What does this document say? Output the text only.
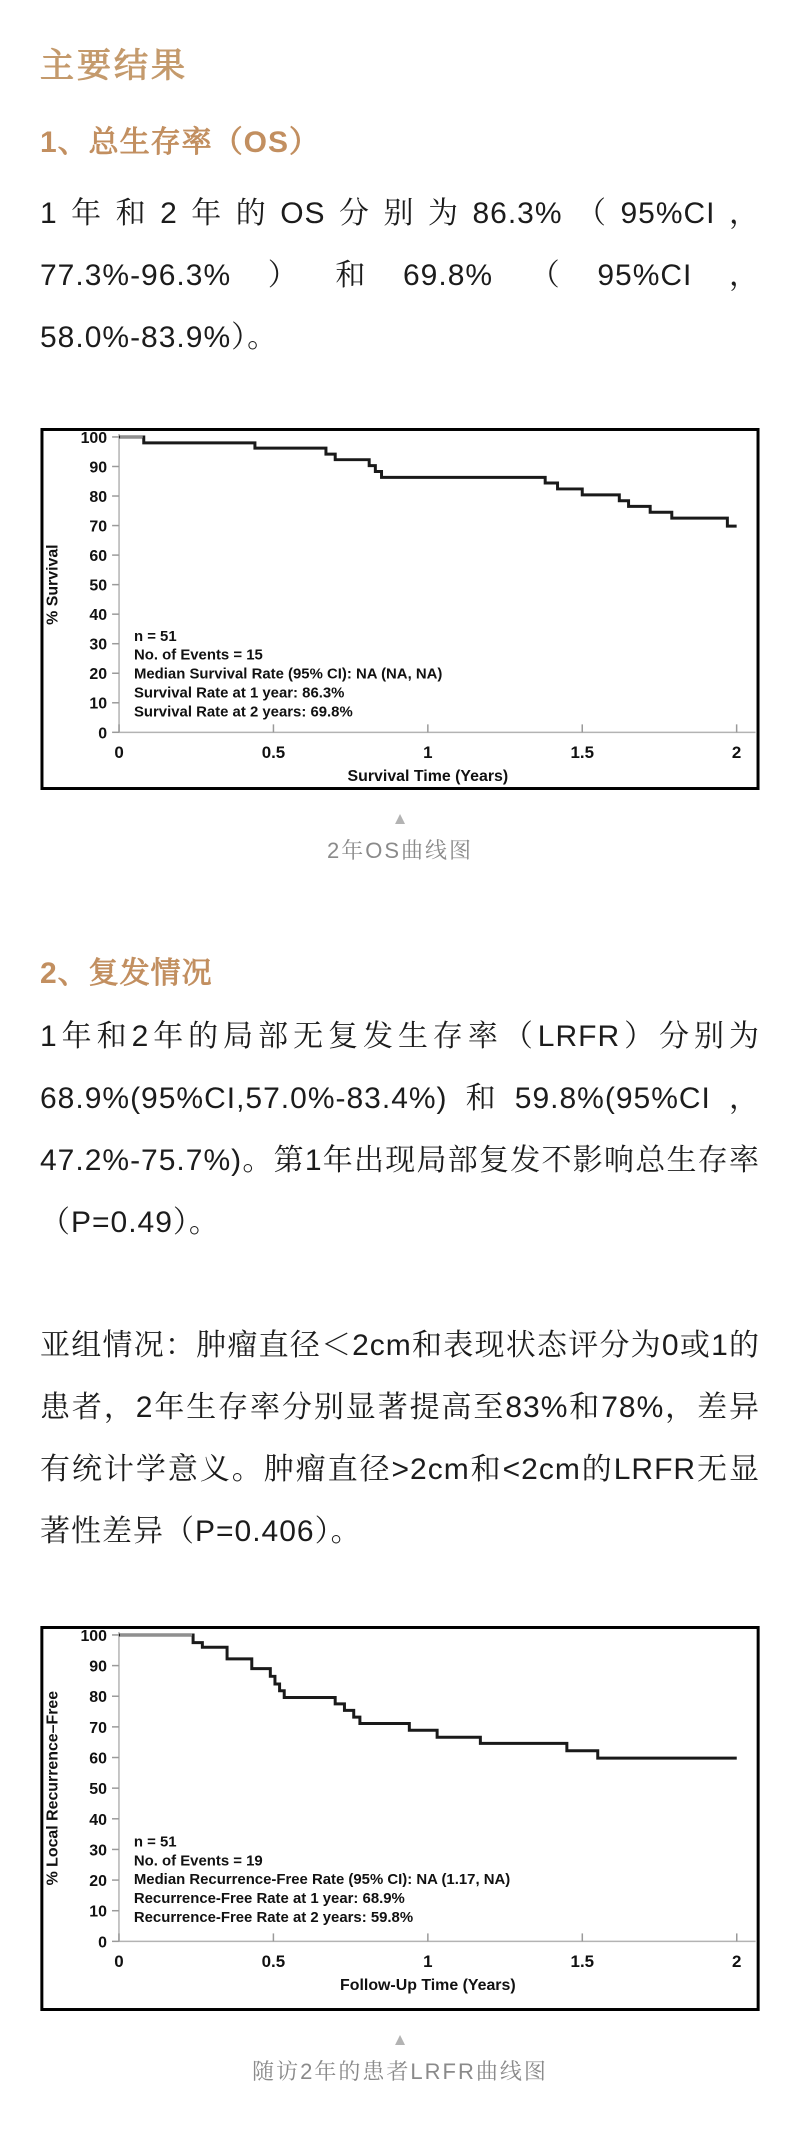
主要结果
1、总生存率（OS）

1年和2年的OS分别为86.3%（95%CI，77.3%-96.3%）和69.8%（95%CI，58.0%-83.9%）。

0
10
20
30
40
50
60
70
80
90
100
0	0.5	1	1.5	2
Survival Time (Years)
% Survival
n = 51
No. of Events = 15
Median Survival Rate (95% CI): NA (NA, NA)
Survival Rate at 1 year: 86.3%
Survival Rate at 2 years: 69.8%
▲
2年OS曲线图
2、复发情况

1年和2年的局部无复发生存率（LRFR）分别为68.9%(95%CI,57.0%-83.4%)和59.8%(95%CI， 47.2%-75.7%)。第1年出现局部复发不影响总生存率（P=0.49）。

亚组情况：肿瘤直径＜2cm和表现状态评分为0或1的患者，2年生存率分别显著提高至83%和78%，差异有统计学意义。肿瘤直径>2cm和<2cm的LRFR无显著性差异（P=0.406）。

0
10
20
30
40
50
60
70
80
90
100
0	0.5	1	1.5	2
Follow-Up Time (Years)
% Local Recurrence–Free	n = 51
No. of Events = 19
Median Recurrence-Free Rate (95% CI): NA (1.17, NA)
Recurrence-Free Rate at 1 year: 68.9%
Recurrence-Free Rate at 2 years: 59.8%
▲
随访2年的患者LRFR曲线图
